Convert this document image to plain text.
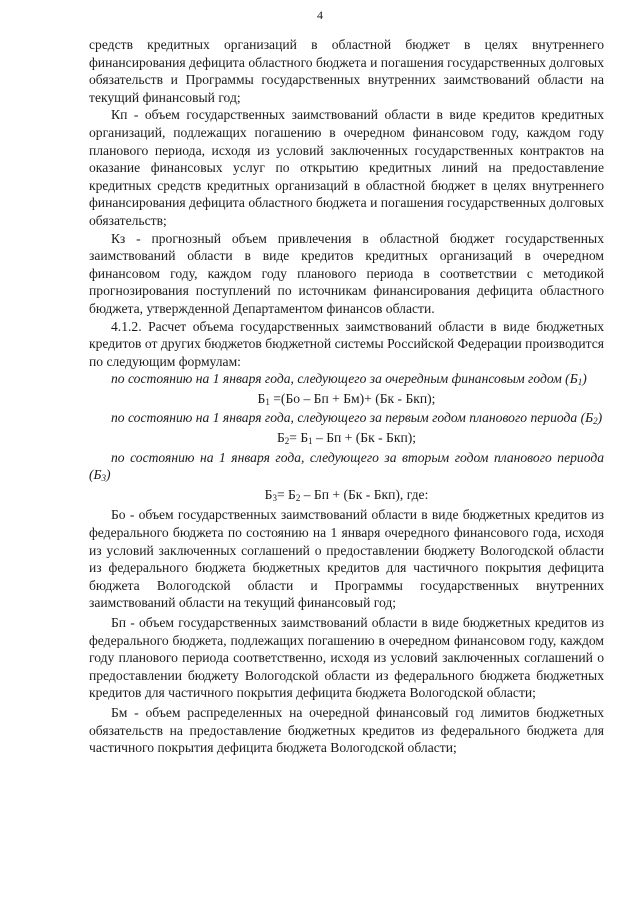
4

средств кредитных организаций в областной бюджет в целях внутреннего финансирования дефицита областного бюджета и погашения государственных долговых обязательств и Программы государственных внутренних заимствований области на текущий финансовый год;

Кп - объем государственных заимствований области в виде кредитов кредитных организаций, подлежащих погашению в очередном финансовом году, каждом году планового периода, исходя из условий заключенных государственных контрактов на оказание финансовых услуг по открытию кредитных линий на предоставление кредитных средств кредитных организаций в областной бюджет в целях внутреннего финансирования дефицита областного бюджета и погашения государственных долговых обязательств;

Кз - прогнозный объем привлечения в областной бюджет государственных заимствований области в виде кредитов кредитных организаций в очередном финансовом году, каждом году планового периода в соответствии с методикой прогнозирования поступлений по источникам финансирования дефицита областного бюджета, утвержденной Департаментом финансов области.

4.1.2. Расчет объема государственных заимствований области в виде бюджетных кредитов от других бюджетов бюджетной системы Российской Федерации производится по следующим формулам:

по состоянию на 1 января года, следующего за очередным финансовым годом $(Б_1)$

$Б_1 =(Бо$ – Бп + Бм)+ (Бк - Бкп);

по состоянию на 1 января года, следующего за первым годом планового периода $(Б_2)$

$Б_2= Б_1$ – Бп + (Бк - Бкп);

по состоянию на 1 января года, следующего за вторым годом планового периода $(Б_3)$

$Б_3= Б_2$ – Бп + (Бк - Бкп), где:

Бо - объем государственных заимствований области в виде бюджетных кредитов из федерального бюджета по состоянию на 1 января очередного финансового года, исходя из условий заключенных соглашений о предоставлении бюджету Вологодской области из федерального бюджета бюджетных кредитов для частичного покрытия дефицита бюджета Вологодской области и Программы государственных внутренних заимствований области на текущий финансовый год;

Бп - объем государственных заимствований области в виде бюджетных кредитов из федерального бюджета, подлежащих погашению в очередном финансовом году, каждом году планового периода соответственно, исходя из условий заключенных соглашений о предоставлении бюджету Вологодской области из федерального бюджета бюджетных кредитов для частичного покрытия дефицита бюджета Вологодской области;

Бм - объем распределенных на очередной финансовый год лимитов бюджетных обязательств на предоставление бюджетных кредитов из федерального бюджета для частичного покрытия дефицита бюджета Вологодской области;
